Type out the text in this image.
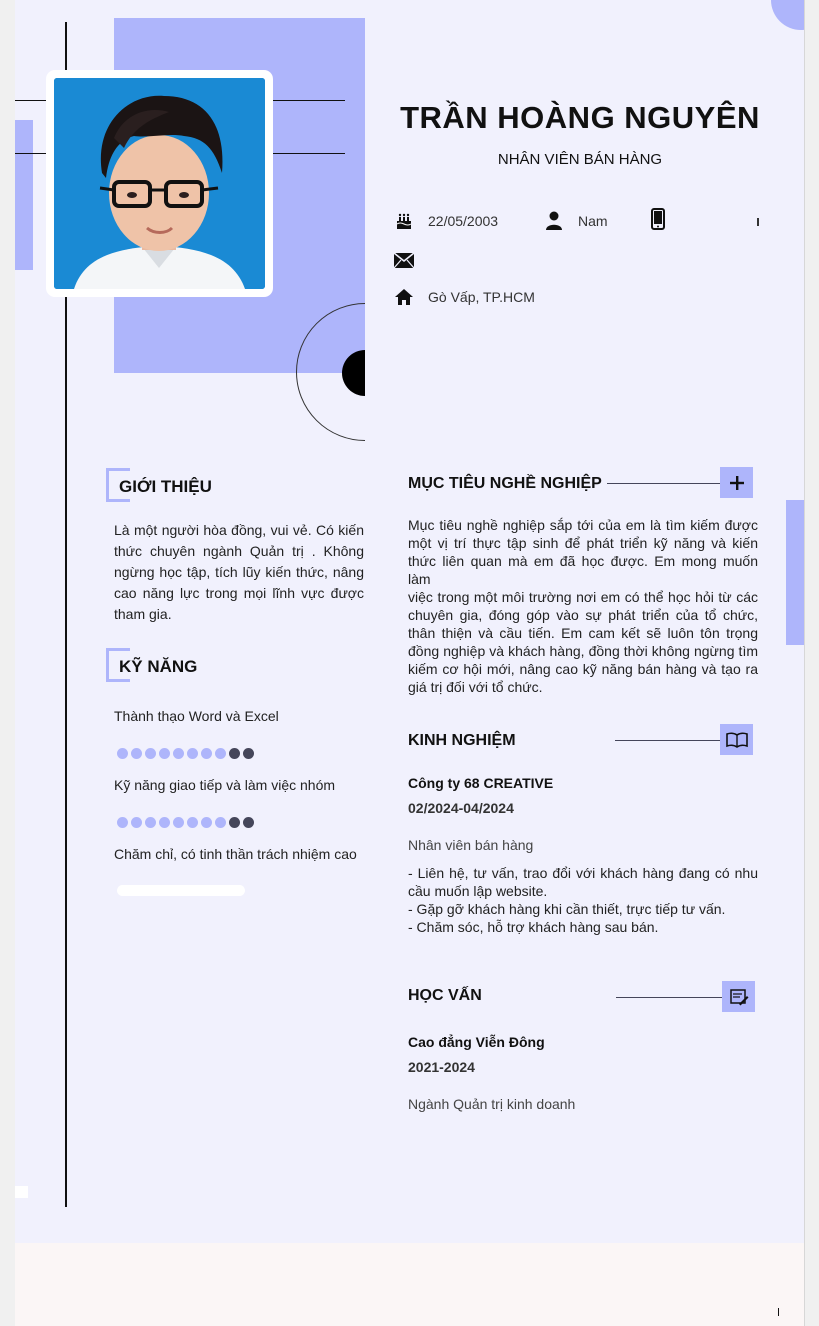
TRẦN HOÀNG NGUYÊN
NHÂN VIÊN BÁN HÀNG
22/05/2003	Nam
Gò Vấp, TP.HCM
GIỚI THIỆU
Là một người hòa đồng, vui vẻ. Có kiến
thức chuyên ngành Quản trị . Không
ngừng học tập, tích lũy kiến thức, nâng
cao năng lực trong mọi lĩnh vực được
tham gia.
KỸ NĂNG
Thành thạo Word và Excel
Kỹ năng giao tiếp và làm việc nhóm
Chăm chỉ, có tinh thần trách nhiệm cao
MỤC TIÊU NGHỀ NGHIỆP
Mục tiêu nghề nghiệp sắp tới của em là tìm kiếm được
một vị trí thực tập sinh để phát triển kỹ năng và kiến
thức liên quan mà em đã học được. Em mong muốn làm
việc trong một môi trường nơi em có thể học hỏi từ các
chuyên gia, đóng góp vào sự phát triển của tổ chức,
thân thiện và cầu tiến. Em cam kết sẽ luôn tôn trọng
đồng nghiệp và khách hàng, đồng thời không ngừng tìm
kiếm cơ hội mới, nâng cao kỹ năng bán hàng và tạo ra
giá trị đối với tổ chức.
KINH NGHIỆM
Công ty 68 CREATIVE
02/2024-04/2024
Nhân viên bán hàng
- Liên hệ, tư vấn, trao đổi với khách hàng đang có nhu
cầu muốn lập website.
- Gặp gỡ khách hàng khi cần thiết, trực tiếp tư vấn.
- Chăm sóc, hỗ trợ khách hàng sau bán.
HỌC VẤN
Cao đẳng Viễn Đông
2021-2024
Ngành Quản trị kinh doanh
